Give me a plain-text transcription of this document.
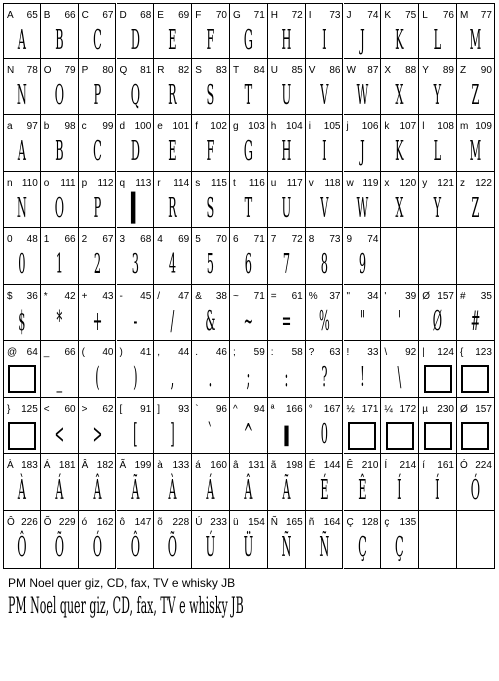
A 65
A
B 66
B
C 67
C
D 68
D
E 69
E
F 70
F
G 71
G
H 72
H
I 73
I
J 74
J
K 75
K
L 76
L
M 77
M
N 78
N
O 79
O
P 80
P
Q 81
Q
R 82
R
S 83
S
T 84
T
U 85
U
V 86
V
W 87
W
X 88
X
Y 89
Y
Z 90
Z
a 97
A
b 98
B
c 99
C
d 100
D
e 101
E
f 102
F
g 103
G
h 104
H
i 105
I
j 106
J
k 107
K
l 108
L
m 109
M
n 110
N
o 111
O
p 112
P
q 113
▌
r 114
R
s 115
S
t 116
T
u 117
U
v 118
V
w 119
W
x 120
X
y 121
Y
z 122
Z
0 48
0
1 66
1
2 67
2
3 68
3
4 69
4
5 70
5
6 71
6
7 72
7
8 73
8
9 74
9
$ 36
$
* 42
*
+ 43
+
- 45
-
/ 47
/
& 38
&
~ 71
~
= 61
=
% 37
%
" 34
"
' 39
'
Ø 157
Ø
# 35
#
@ 64 _ 66
_
( 40
(
) 41
)
, 44
,
. 46
.
; 59
;
: 58
:
? 63
?
! 33
!
\ 92
\
| 124 { 123
} 125 < 60
<
> 62
>
[ 91
[
] 93
]
` 96
`
^ 94
^
ª 166
▮
° 167
0
½ 171 ¼ 172 µ 230 Ø 157
À 183
À
Á 181
Á
Â 182
Â
Ã 199
Ã
à 133
À
á 160
Á
â 131
Â
ã 198
Ã
É 144
É
Ê 210
Ê
Í 214
Í
í 161
Í
Ó 224
Ó
Ô 226
Ô
Õ 229
Õ
ó 162
Ó
ô 147
Ô
õ 228
Õ
Ú 233
Ú
ü 154
Ü
Ñ 165
Ñ
ñ 164
Ñ
Ç 128
Ç
ç 135
Ç
PM Noel quer giz, CD, fax, TV e whisky JB
PM Noel quer giz, CD, fax, TV e whisky JB
